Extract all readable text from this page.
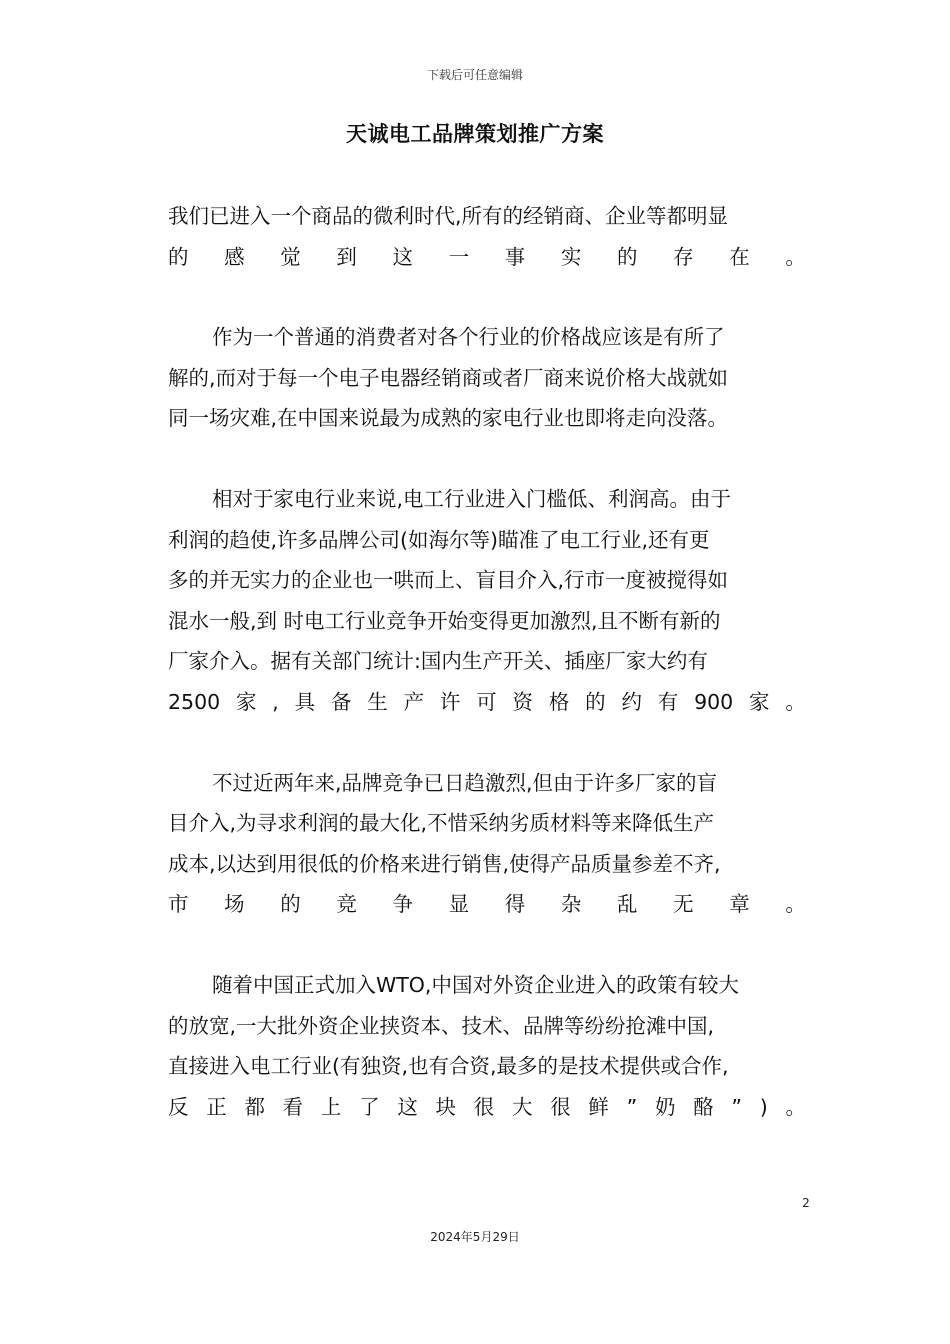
下载后可任意编辑
天诚电工品牌策划推广方案
我们已进入一个商品的微利时代,所有的经销商、企业等都明显
的 感 觉 到 这 一 事 实 的 存 在 。
作为一个普通的消费者对各个行业的价格战应该是有所了
解的,而对于每一个电子电器经销商或者厂商来说价格大战就如
同一场灾难,在中国来说最为成熟的家电行业也即将走向没落。
相对于家电行业来说,电工行业进入门槛低、利润高。由于
利润的趋使,许多品牌公司(如海尔等)瞄准了电工行业,还有更
多的并无实力的企业也一哄而上、盲目介入,行市一度被搅得如
混水一般,到 时电工行业竞争开始变得更加激烈,且不断有新的
厂家介入。据有关部门统计:国内生产开关、插座厂家大约有
2500 家 , 具 备 生 产 许 可 资 格 的 约 有 900 家 。
不过近两年来,品牌竞争已日趋激烈,但由于许多厂家的盲
目介入,为寻求利润的最大化,不惜采纳劣质材料等来降低生产
成本,以达到用很低的价格来进行销售,使得产品质量参差不齐,
市 场 的 竞 争 显 得 杂 乱 无 章 。
随着中国正式加入WTO,中国对外资企业进入的政策有较大
的放宽,一大批外资企业挟资本、技术、品牌等纷纷抢滩中国,
直接进入电工行业(有独资,也有合资,最多的是技术提供或合作,
反 正 都 看 上 了 这 块 很 大 很 鲜 ” 奶 酪 ” ) 。
2
2024年5月29日
